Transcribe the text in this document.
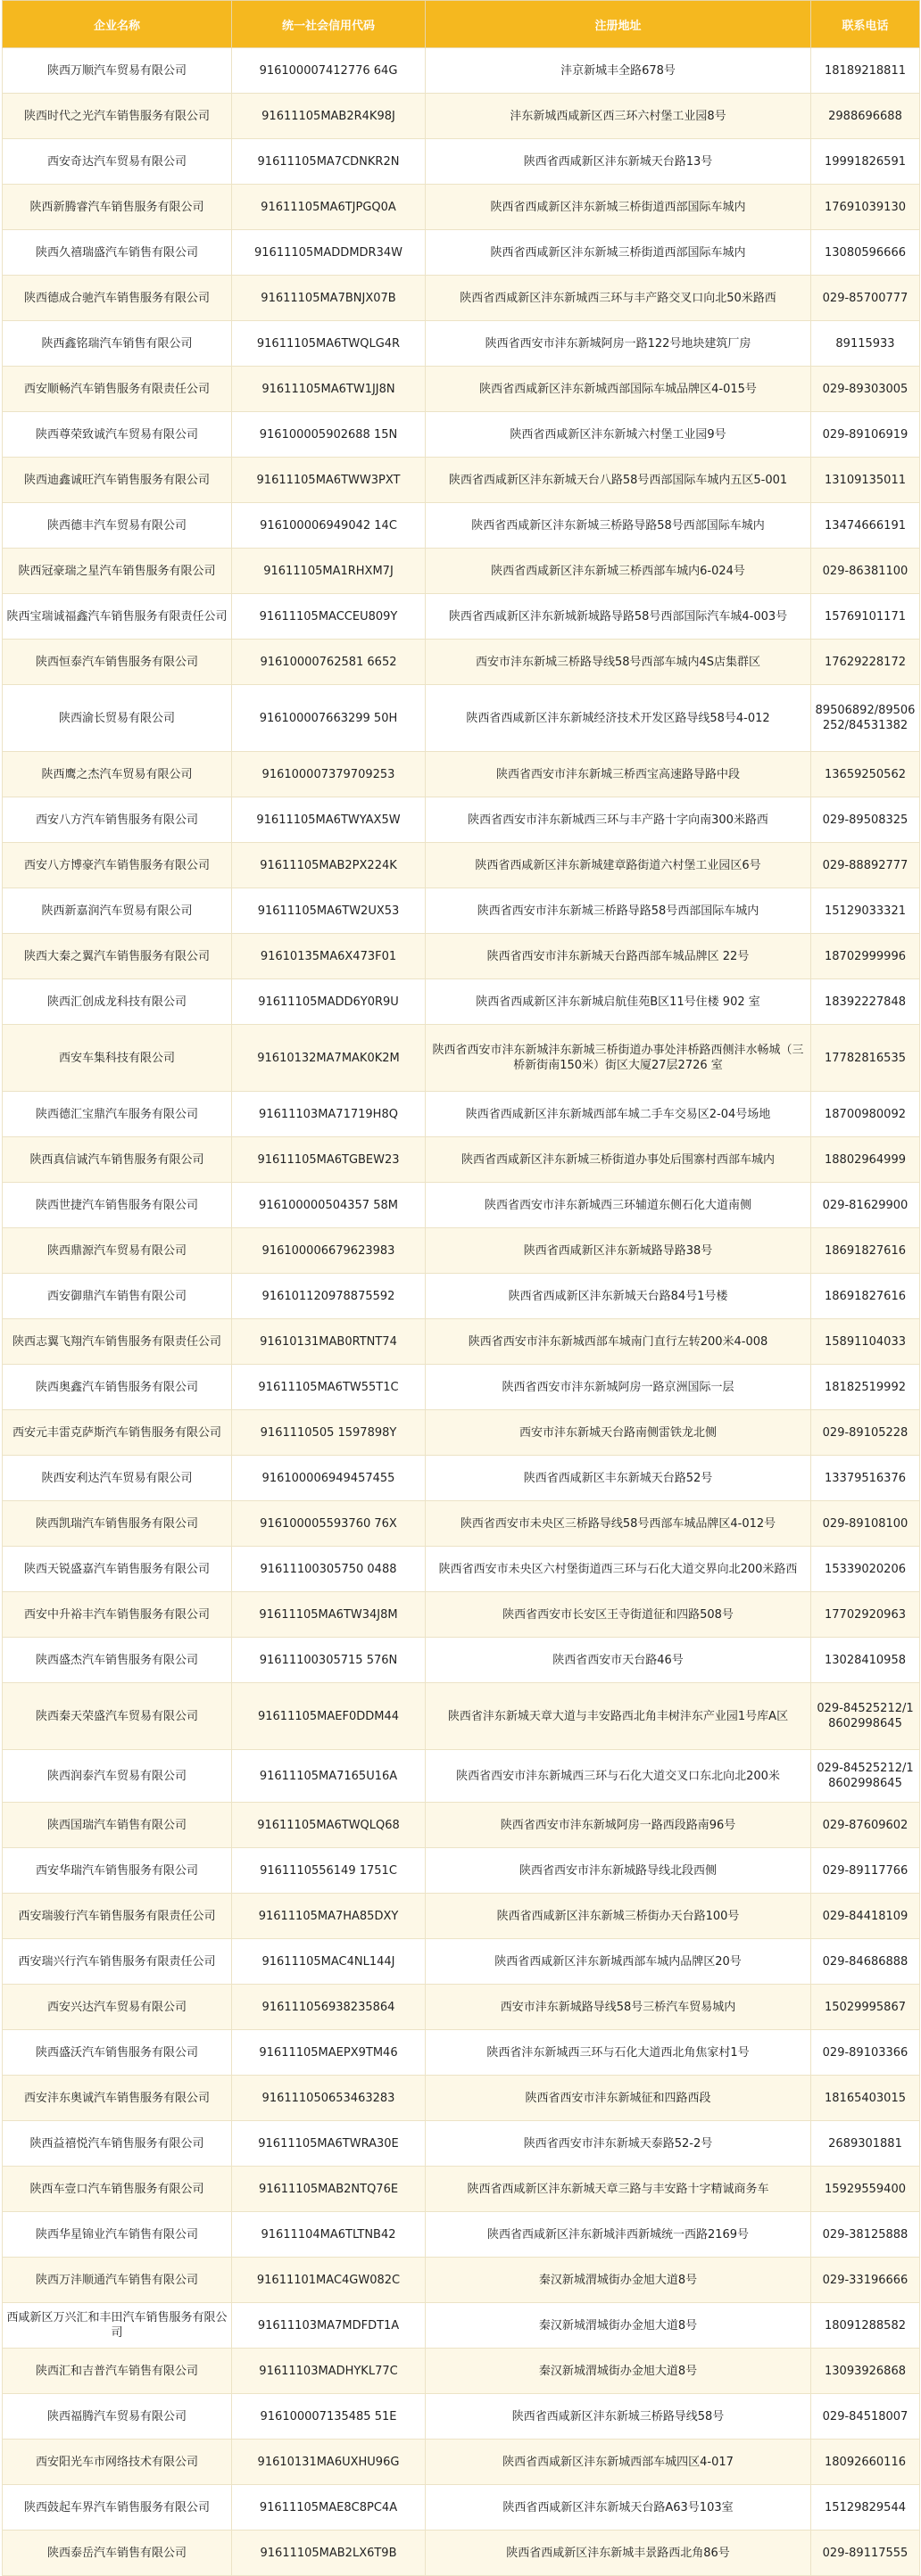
企业名称	统一社会信用代码	注册地址	联系电话
陕西万顺汽车贸易有限公司	916100007412776 64G	沣京新城丰全路678号	18189218811
陕西时代之光汽车销售服务有限公司	91611105MAB2R4K98J	沣东新城西咸新区西三环六村堡工业园8号	2988696688
西安奇达汽车贸易有限公司	91611105MA7CDNKR2N	陕西省西咸新区沣东新城天台路13号	19991826591
陕西新腾睿汽车销售服务有限公司	91611105MA6TJPGQ0A	陕西省西咸新区沣东新城三桥街道西部国际车城内	17691039130
陕西久禧瑞盛汽车销售有限公司	91611105MADDMDR34W	陕西省西咸新区沣东新城三桥街道西部国际车城内	13080596666
陕西德成合驰汽车销售服务有限公司	91611105MA7BNJX07B	陕西省西咸新区沣东新城西三环与丰产路交叉口向北50米路西	029-85700777
陕西鑫铭瑞汽车销售有限公司	91611105MA6TWQLG4R	陕西省西安市沣东新城阿房一路122号地块建筑厂房	89115933
西安顺畅汽车销售服务有限责任公司	91611105MA6TW1JJ8N	陕西省西咸新区沣东新城西部国际车城品牌区4-015号	029-89303005
陕西尊荣致诚汽车贸易有限公司	916100005902688 15N	陕西省西咸新区沣东新城六村堡工业园9号	029-89106919
陕西迪鑫诚旺汽车销售服务有限公司	91611105MA6TWW3PXT	陕西省西咸新区沣东新城天台八路58号西部国际车城内五区5-001	13109135011
陕西德丰汽车贸易有限公司	916100006949042 14C	陕西省西咸新区沣东新城三桥路导路58号西部国际车城内	13474666191
陕西冠豪瑞之星汽车销售服务有限公司	91611105MA1RHXM7J	陕西省西咸新区沣东新城三桥西部车城内6-024号	029-86381100
陕西宝瑞诚福鑫汽车销售服务有限责任公司	91611105MACCEU809Y	陕西省西咸新区沣东新城新城路导路58号西部国际汽车城4-003号	15769101171
陕西恒泰汽车销售服务有限公司	91610000762581 6652	西安市沣东新城三桥路导线58号西部车城内4S店集群区	17629228172
陕西渝长贸易有限公司	916100007663299 50H	陕西省西咸新区沣东新城经济技术开发区路导线58号4-012	89506892/89506252/84531382
陕西鹰之杰汽车贸易有限公司	916100007379709253	陕西省西安市沣东新城三桥西宝高速路导路中段	13659250562
西安八方汽车销售服务有限公司	91611105MA6TWYAX5W	陕西省西安市沣东新城西三环与丰产路十字向南300米路西	029-89508325
西安八方博豪汽车销售服务有限公司	91611105MAB2PX224K	陕西省西咸新区沣东新城建章路街道六村堡工业园区6号	029-88892777
陕西新嘉润汽车贸易有限公司	91611105MA6TW2UX53	陕西省西安市沣东新城三桥路导路58号西部国际车城内	15129033321
陕西大秦之翼汽车销售服务有限公司	91610135MA6X473F01	陕西省西安市沣东新城天台路西部车城品牌区 22号	18702999996
陕西汇创成龙科技有限公司	91611105MADD6Y0R9U	陕西省西咸新区沣东新城启航佳苑B区11号住楼 902 室	18392227848
西安车集科技有限公司	91610132MA7MAK0K2M	陕西省西安市沣东新城沣东新城三桥街道办事处沣桥路西侧沣水畅城（三桥新街南150米）街区大厦27层2726 室	17782816535
陕西德汇宝鼎汽车服务有限公司	91611103MA71719H8Q	陕西省西咸新区沣东新城西部车城二手车交易区2-04号场地	18700980092
陕西真信诚汽车销售服务有限公司	91611105MA6TGBEW23	陕西省西咸新区沣东新城三桥街道办事处后围寨村西部车城内	18802964999
陕西世捷汽车销售服务有限公司	916100000504357 58M	陕西省西安市沣东新城西三环辅道东侧石化大道南侧	029-81629900
陕西鼎源汽车贸易有限公司	916100006679623983	陕西省西咸新区沣东新城路导路38号	18691827616
西安御鼎汽车销售有限公司	916101120978875592	陕西省西咸新区沣东新城天台路84号1号楼	18691827616
陕西志翼飞翔汽车销售服务有限责任公司	91610131MAB0RTNT74	陕西省西安市沣东新城西部车城南门直行左转200米4-008	15891104033
陕西奥鑫汽车销售服务有限公司	91611105MA6TW55T1C	陕西省西安市沣东新城阿房一路京洲国际一层	18182519992
西安元丰雷克萨斯汽车销售服务有限公司	9161110505 1597898Y	西安市沣东新城天台路南侧雷铁龙北侧	029-89105228
陕西安利达汽车贸易有限公司	916100006949457455	陕西省西咸新区丰东新城天台路52号	13379516376
陕西凯瑞汽车销售服务有限公司	916100005593760 76X	陕西省西安市未央区三桥路导线58号西部车城品牌区4-012号	029-89108100
陕西天锐盛嘉汽车销售服务有限公司	91611100305750 0488	陕西省西安市未央区六村堡街道西三环与石化大道交界向北200米路西	15339020206
西安中升裕丰汽车销售服务有限公司	91611105MA6TW34J8M	陕西省西安市长安区王寺街道征和四路508号	17702920963
陕西盛杰汽车销售服务有限公司	91611100305715 576N	陕西省西安市天台路46号	13028410958
陕西秦天荣盛汽车贸易有限公司	91611105MAEF0DDM44	陕西省沣东新城天章大道与丰安路西北角丰树沣东产业园1号库A区	029-84525212/18602998645
陕西润泰汽车贸易有限公司	91611105MA7165U16A	陕西省西安市沣东新城西三环与石化大道交叉口东北向北200米	029-84525212/18602998645
陕西国瑞汽车销售有限公司	91611105MA6TWQLQ68	陕西省西安市沣东新城阿房一路西段路南96号	029-87609602
西安华瑞汽车销售服务有限公司	9161110556149 1751C	陕西省西安市沣东新城路导线北段西侧	029-89117766
西安瑞骏行汽车销售服务有限责任公司	91611105MA7HA85DXY	陕西省西咸新区沣东新城三桥街办天台路100号	029-84418109
西安瑞兴行汽车销售服务有限责任公司	91611105MAC4NL144J	陕西省西咸新区沣东新城西部车城内品牌区20号	029-84686888
西安兴达汽车贸易有限公司	916111056938235864	西安市沣东新城路导线58号三桥汽车贸易城内	15029995867
陕西盛沃汽车销售服务有限公司	91611105MAEPX9TM46	陕西省沣东新城西三环与石化大道西北角焦家村1号	029-89103366
西安沣东奥诚汽车销售服务有限公司	916111050653463283	陕西省西安市沣东新城征和四路西段	18165403015
陕西益禧悦汽车销售服务有限公司	91611105MA6TWRA30E	陕西省西安市沣东新城天泰路52-2号	2689301881
陕西车壹口汽车销售服务有限公司	91611105MAB2NTQ76E	陕西省西咸新区沣东新城天章三路与丰安路十字精诚商务车	15929559400
陕西华星锦业汽车销售有限公司	91611104MA6TLTNB42	陕西省西咸新区沣东新城沣西新城统一西路2169号	029-38125888
陕西万沣顺通汽车销售有限公司	91611101MAC4GW082C	秦汉新城渭城街办金旭大道8号	029-33196666
西咸新区万兴汇和丰田汽车销售服务有限公司	91611103MA7MDFDT1A	秦汉新城渭城街办金旭大道8号	18091288582
陕西汇和吉普汽车销售有限公司	91611103MADHYKL77C	秦汉新城渭城街办金旭大道8号	13093926868
陕西福腾汽车贸易有限公司	916100007135485 51E	陕西省西咸新区沣东新城三桥路导线58号	029-84518007
西安阳光车市网络技术有限公司	91610131MA6UXHU96G	陕西省西咸新区沣东新城西部车城四区4-017	18092660116
陕西鼓起车界汽车销售服务有限公司	91611105MAE8C8PC4A	陕西省西咸新区沣东新城天台路A63号103室	15129829544
陕西泰岳汽车销售有限公司	91611105MAB2LX6T9B	陕西省西咸新区沣东新城丰景路西北角86号	029-89117555
